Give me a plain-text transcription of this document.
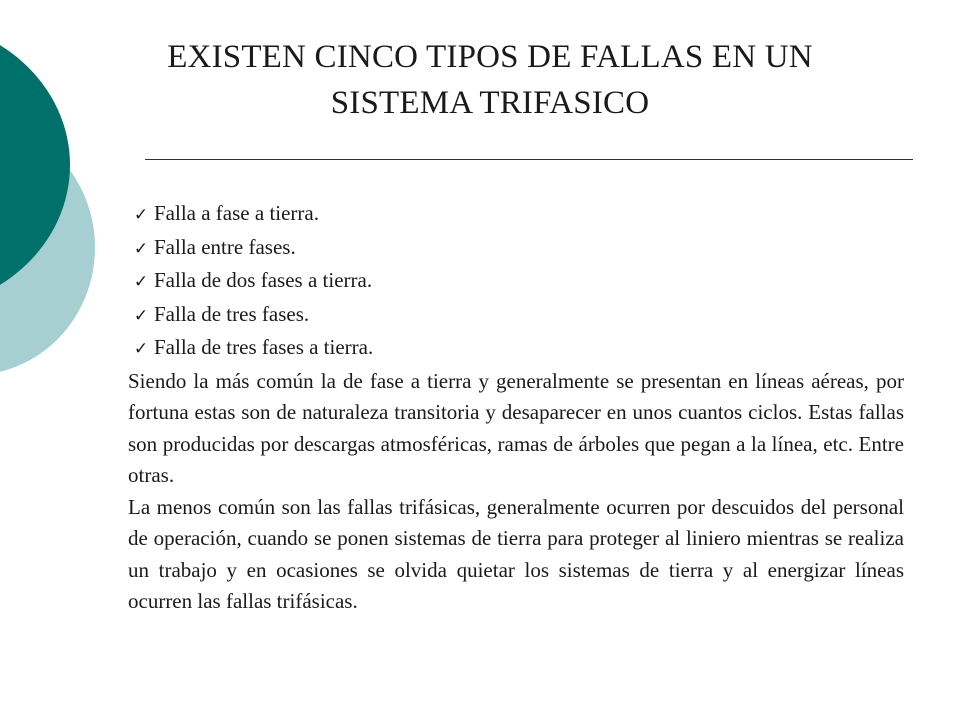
EXISTEN CINCO TIPOS DE FALLAS EN UN SISTEMA TRIFASICO
✓ Falla a fase a tierra.
✓ Falla entre fases.
✓ Falla de dos fases a tierra.
✓ Falla de tres fases.
✓ Falla de tres fases a tierra.

Siendo la más común la de fase a tierra y generalmente se presentan en líneas aéreas, por fortuna estas son de naturaleza transitoria y desaparecer en unos cuantos ciclos. Estas fallas son producidas por descargas atmosféricas, ramas de árboles que pegan a la línea, etc. Entre otras.

La menos común son las fallas trifásicas, generalmente ocurren por descuidos del personal de operación, cuando se ponen sistemas de tierra para proteger al liniero mientras se realiza un trabajo y en ocasiones se olvida quietar los sistemas de tierra y al energizar líneas ocurren las fallas trifásicas.
